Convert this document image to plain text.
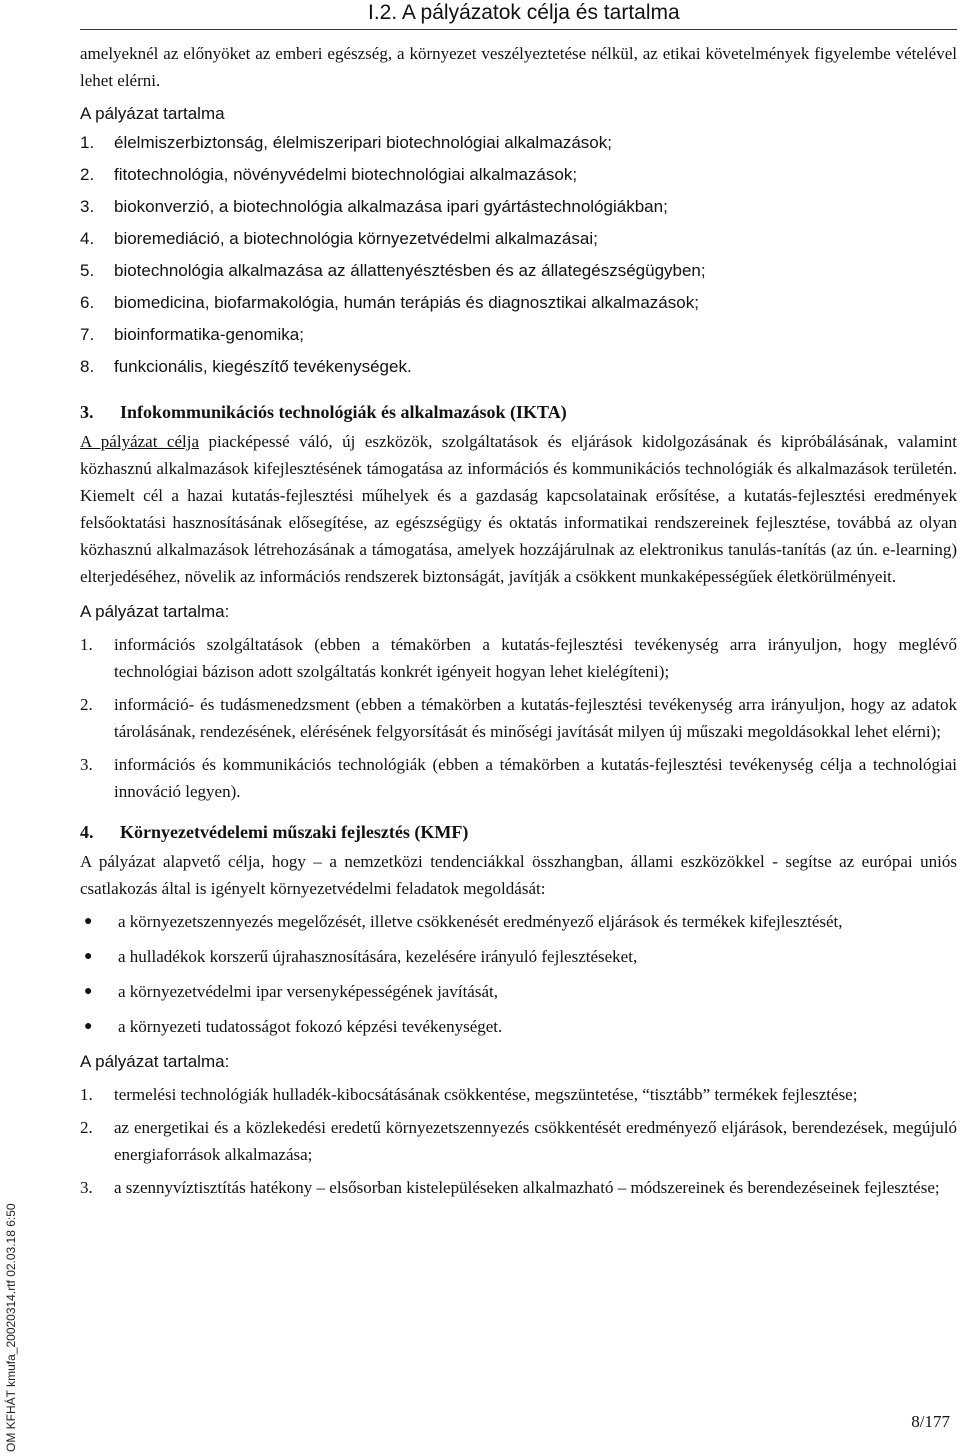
I.2. A pályázatok célja és tartalma

amelyeknél az előnyöket az emberi egészség, a környezet veszélyeztetése nélkül, az etikai követelmények figyelembe vételével lehet elérni.

A pályázat tartalma
1.	élelmiszerbiztonság, élelmiszeripari biotechnológiai alkalmazások;
2.	fitotechnológia, növényvédelmi biotechnológiai alkalmazások;
3.	biokonverzió, a biotechnológia alkalmazása ipari gyártástechnológiákban;
4.	bioremediáció, a biotechnológia környezetvédelmi alkalmazásai;
5.	biotechnológia alkalmazása az állattenyésztésben és az állategészségügyben;
6.	biomedicina, biofarmakológia, humán terápiás és diagnosztikai alkalmazások;
7.	bioinformatika-genomika;
8.	funkcionális, kiegészítő tevékenységek.
3.	Infokommunikációs technológiák és alkalmazások (IKTA)

A pályázat célja piacképessé váló, új eszközök, szolgáltatások és eljárások kidolgozásának és kipróbálásának, valamint közhasznú alkalmazások kifejlesztésének támogatása az információs és kommunikációs technológiák és alkalmazások területén. Kiemelt cél a hazai kutatás-fejlesztési műhelyek és a gazdaság kapcsolatainak erősítése, a kutatás-fejlesztési eredmények felsőoktatási hasznosításának elősegítése, az egészségügy és oktatás informatikai rendszereinek fejlesztése, továbbá az olyan közhasznú alkalmazások létrehozásának a támogatása, amelyek hozzájárulnak az elektronikus tanulás-tanítás (az ún. e-learning) elterjedéséhez, növelik az információs rendszerek biztonságát, javítják a csökkent munkaképességűek életkörülményeit.

A pályázat tartalma:
1.	információs szolgáltatások (ebben a témakörben a kutatás-fejlesztési tevékenység arra irányuljon, hogy meglévő technológiai bázison adott szolgáltatás konkrét igényeit hogyan lehet kielégíteni);
2.	információ- és tudásmenedzsment (ebben a témakörben a kutatás-fejlesztési tevékenység arra irányuljon, hogy az adatok tárolásának, rendezésének, elérésének felgyorsítását és minőségi javítását milyen új műszaki megoldásokkal lehet elérni);
3.	információs és kommunikációs technológiák (ebben a témakörben a kutatás-fejlesztési tevékenység célja a technológiai innováció legyen).
4.	Környezetvédelemi műszaki fejlesztés (KMF)

A pályázat alapvető célja, hogy – a nemzetközi tendenciákkal összhangban, állami eszközökkel - segítse az európai uniós csatlakozás által is igényelt környezetvédelmi feladatok megoldását:

●	a környezetszennyezés megelőzését, illetve csökkenését eredményező eljárások és termékek kifejlesztését,
●	a hulladékok korszerű újrahasznosítására, kezelésére irányuló fejlesztéseket,
●	a környezetvédelmi ipar versenyképességének javítását,
●	a környezeti tudatosságot fokozó képzési tevékenységet.
A pályázat tartalma:
1.	termelési technológiák hulladék-kibocsátásának csökkentése, megszüntetése, “tisztább” termékek fejlesztése;
2.	az energetikai és a közlekedési eredetű környezetszennyezés csökkentését eredményező eljárások, berendezések, megújuló energiaforrások alkalmazása;
3.	a szennyvíztisztítás hatékony – elsősorban kistelepüléseken alkalmazható – módszereinek és berendezéseinek fejlesztése;
OM KFHÁT kmufa_20020314.rtf 02.03.18 6:50	8/177
